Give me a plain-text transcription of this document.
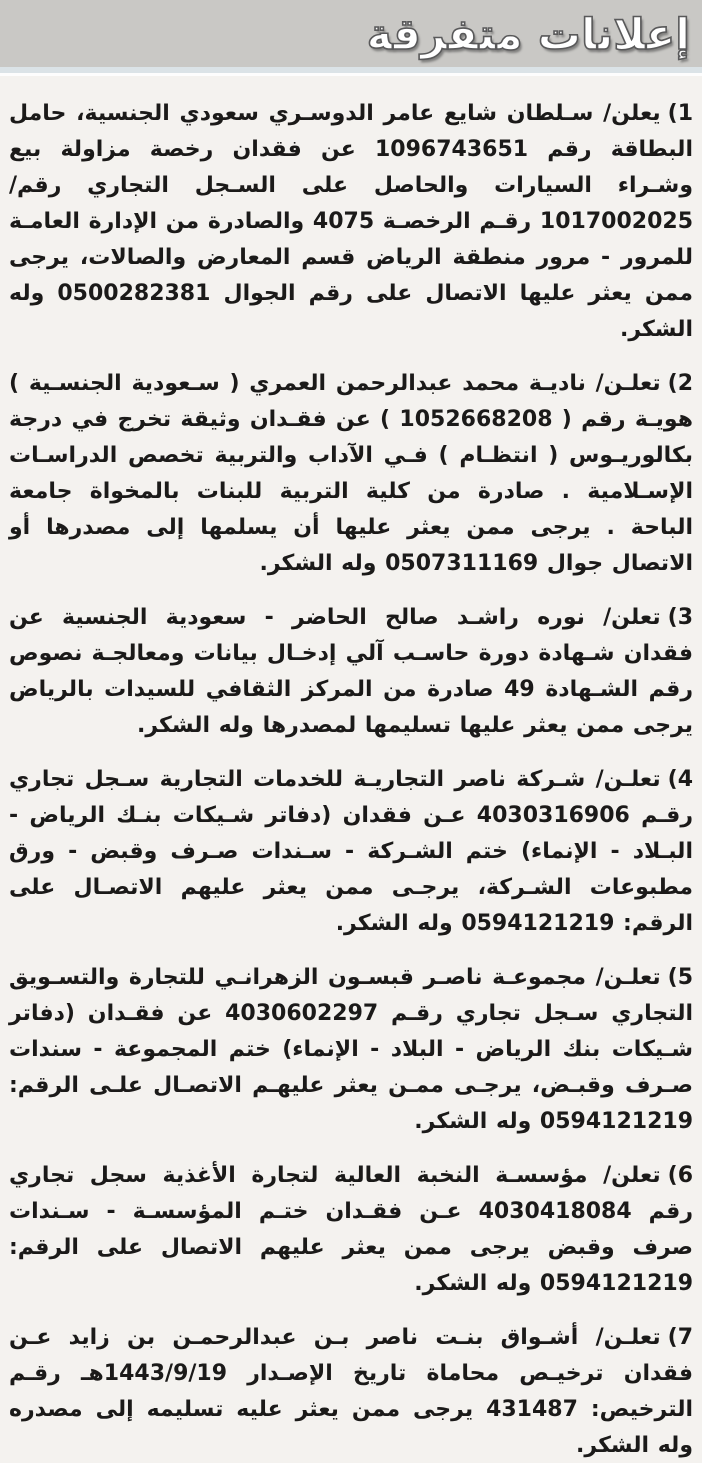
إعلانات متفرقة

1)يعلن/ سـلطان شايع عامر الدوسـري سعودي الجنسية، حامل البطاقة رقم 1096743651 عن فقدان رخصة مزاولة بيع وشـراء السيارات والحاصل على السـجل التجاري رقم/ 1017002025 رقـم الرخصـة 4075 والصادرة من الإدارة العامـة للمرور - مرور منطقة الرياض قسم المعارض والصالات، يرجى ممن يعثر عليها الاتصال على رقم الجوال 0500282381 وله الشكر.

2)تعلـن/ ناديـة محمد عبدالرحمن العمري ( سـعودية الجنسـية ) هويـة رقم ( 1052668208 ) عن فقـدان وثيقة تخرج في درجة بكالوريـوس ( انتظـام ) فـي الآداب والتربية تخصص الدراسـات الإسـلامية . صادرة من كلية التربية للبنات بالمخواة جامعة الباحة . يرجى ممن يعثر عليها أن يسلمها إلى مصدرها أو الاتصال جوال 0507311169 وله الشكر.

3)تعلن/ نوره راشـد صالح الحاضر - سعودية الجنسية عن فقدان شـهادة دورة حاسـب آلي إدخـال بيانات ومعالجـة نصوص رقم الشـهادة 49 صادرة من المركز الثقافي للسيدات بالرياض يرجى ممن يعثر عليها تسليمها لمصدرها وله الشكر.

4)تعلـن/ شـركة ناصر التجاريـة للخدمات التجارية سـجل تجاري رقـم 4030316906 عـن فقدان (دفاتر شـيكات بنـك الرياض - البـلاد - الإنماء) ختم الشـركة - سـندات صـرف وقبض - ورق مطبوعات الشـركة، يرجـى ممن يعثر عليهم الاتصـال على الرقم: 0594121219 وله الشكر.

5)تعلـن/ مجموعـة ناصـر قبسـون الزهرانـي للتجارة والتسـويق التجاري سـجل تجاري رقـم 4030602297 عن فقـدان (دفاتر شـيكات بنك الرياض - البلاد - الإنماء) ختم المجموعة - سندات صـرف وقبـض، يرجـى ممـن يعثر عليهـم الاتصـال علـى الرقم: 0594121219 وله الشكر.

6)تعلن/ مؤسسـة النخبة العالية لتجارة الأغذية سجل تجاري رقم 4030418084 عـن فقـدان ختـم المؤسسـة - سـندات صرف وقبض يرجى ممن يعثر عليهم الاتصال على الرقم: 0594121219 وله الشكر.

7)تعلـن/ أشـواق بنـت ناصر بـن عبدالرحمـن بن زايد عـن فقدان ترخيـص محاماة تاريخ الإصـدار 1443/9/19هـ رقـم الترخيص: 431487 يرجى ممن يعثر عليه تسليمه إلى مصدره وله الشكر.
